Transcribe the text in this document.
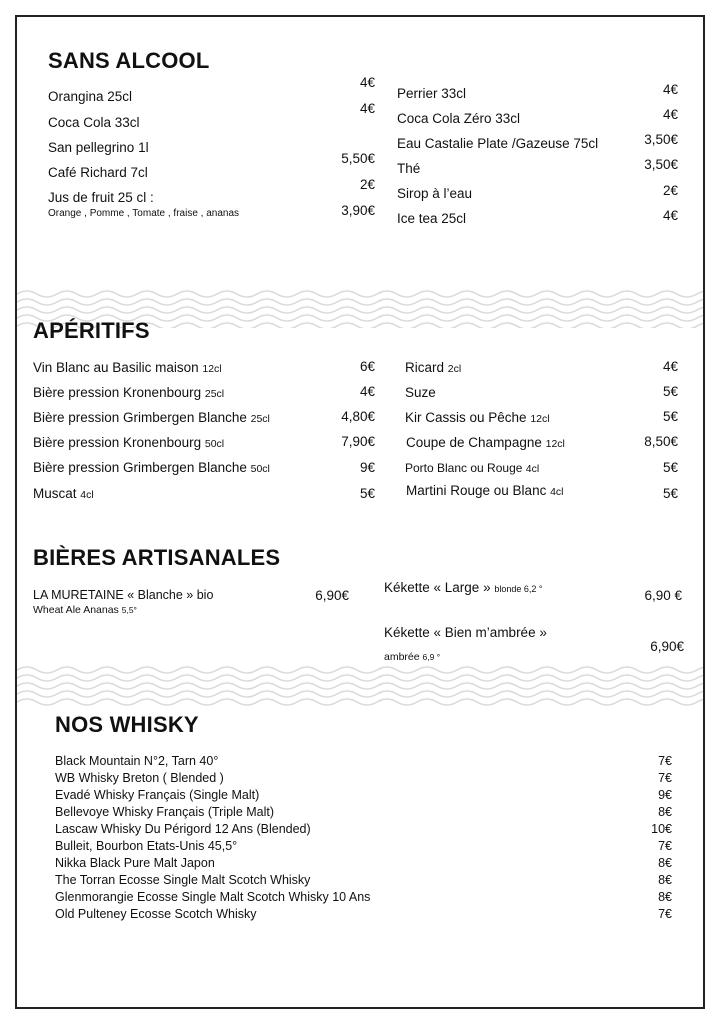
SANS ALCOOL
Orangina 25cl
Coca Cola 33cl
San pellegrino 1l
Café Richard 7cl
Jus de fruit 25 cl :
Orange , Pomme , Tomate , fraise , ananas
4€
4€
5,50€
2€
3,90€
Perrier 33cl
Coca Cola Zéro 33cl
Eau Castalie Plate /Gazeuse 75cl
Thé
Sirop à l’eau
Ice tea 25cl
4€
4€
3,50€
3,50€
2€
4€
APÉRITIFS
Vin Blanc au Basilic maison 12cl
Bière pression Kronenbourg 25cl
Bière pression Grimbergen Blanche 25cl
Bière pression Kronenbourg 50cl
Bière pression Grimbergen Blanche 50cl
Muscat 4cl
6€
4€
4,80€
7,90€
9€
5€
Ricard 2cl
Suze
Kir Cassis ou Pêche 12cl
Coupe de Champagne 12cl
Porto Blanc ou Rouge 4cl
Martini Rouge ou Blanc 4cl
4€
5€
5€
8,50€
5€
5€
BIÈRES ARTISANALES
LA MURETAINE « Blanche » bio
Wheat Ale Ananas 5,5°
6,90€
Kékette « Large » blonde 6,2 °	6,90 €
Kékette « Bien m’ambrée »
ambrée 6,9 °
6,90€
NOS WHISKY
Black Mountain N°2, Tarn 40°
WB Whisky Breton ( Blended )
Evadé Whisky Français (Single Malt)
Bellevoye Whisky Français (Triple Malt)
Lascaw Whisky Du Périgord 12 Ans (Blended)
Bulleit, Bourbon Etats-Unis 45,5°
Nikka Black Pure Malt Japon
The Torran Ecosse Single Malt Scotch Whisky
Glenmorangie Ecosse Single Malt Scotch Whisky 10 Ans
Old Pulteney Ecosse Scotch Whisky
7€
7€
9€
8€
10€
7€
8€
8€
8€
7€
